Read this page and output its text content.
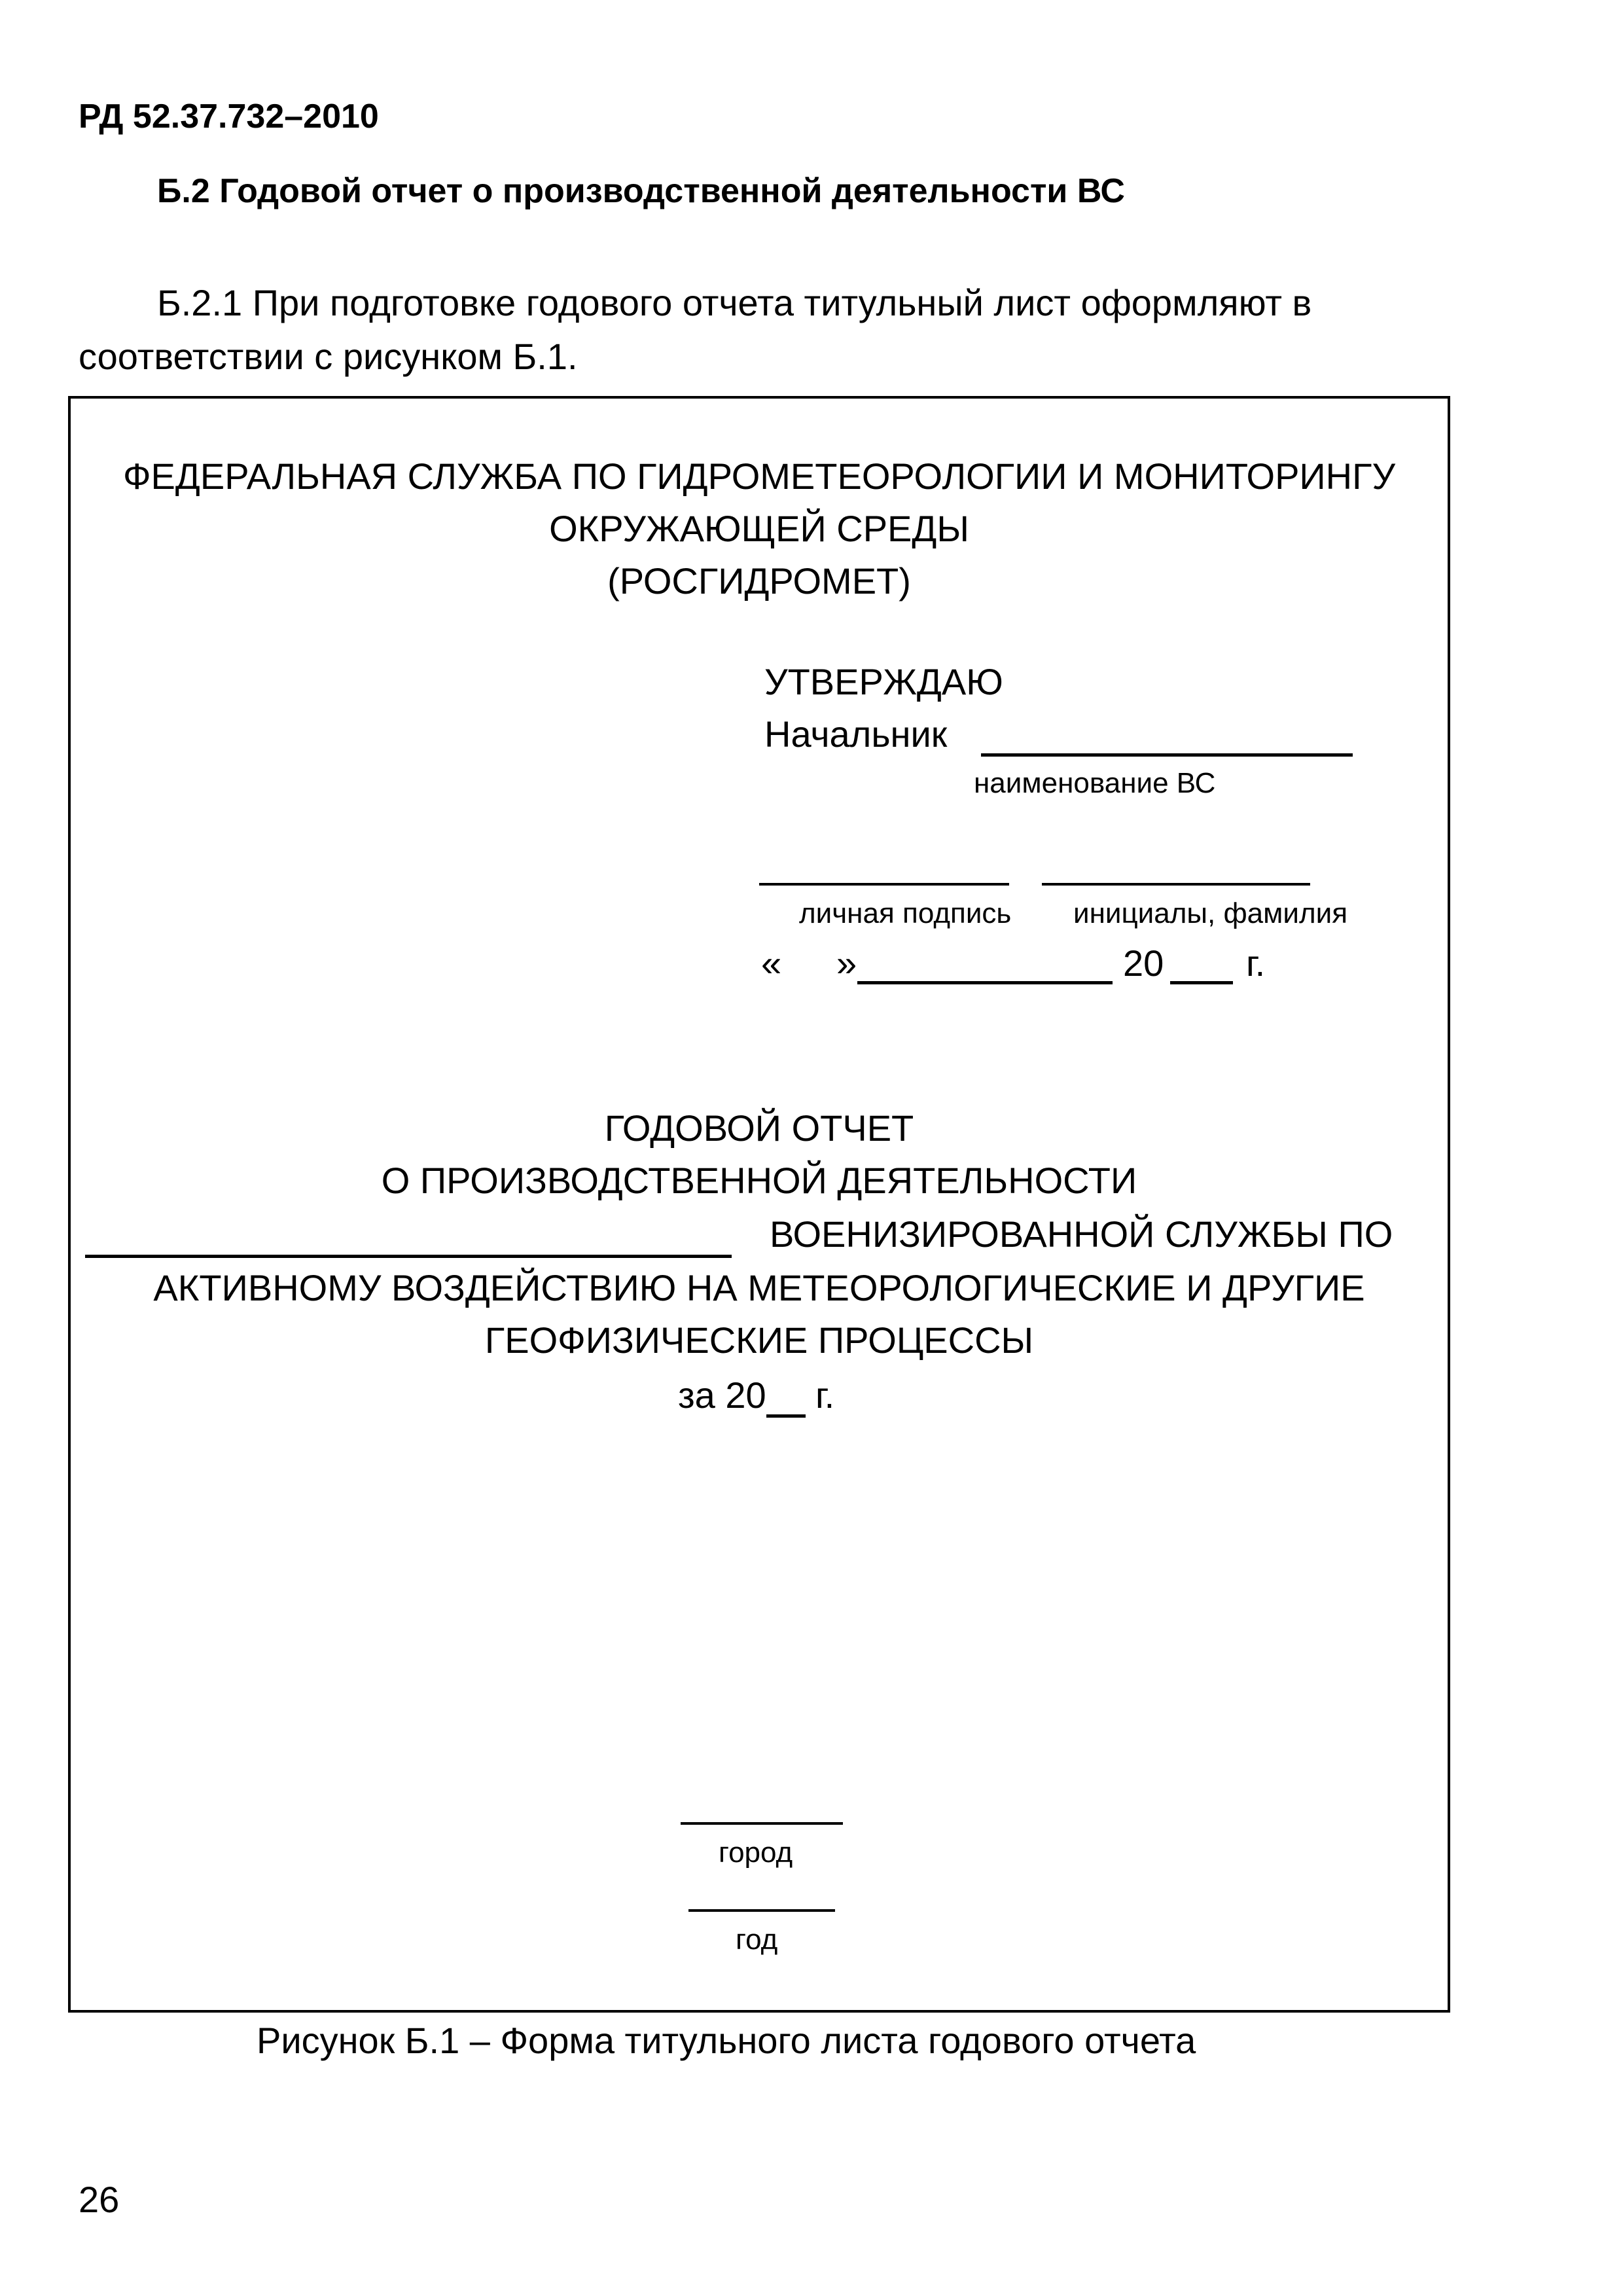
РД 52.37.732–2010
Б.2 Годовой отчет о производственной деятельности ВС
Б.2.1 При подготовке годового отчета титульный лист оформляют в
соответствии с рисунком Б.1.
ФЕДЕРАЛЬНАЯ СЛУЖБА ПО ГИДРОМЕТЕОРОЛОГИИ И МОНИТОРИНГУ
ОКРУЖАЮЩЕЙ СРЕДЫ
(РОСГИДРОМЕТ)
УТВЕРЖДАЮ
Начальник
наименование ВС
личная подпись инициалы, фамилия
« »	20 г.
ГОДОВОЙ ОТЧЕТ
О ПРОИЗВОДСТВЕННОЙ ДЕЯТЕЛЬНОСТИ
ВОЕНИЗИРОВАННОЙ СЛУЖБЫ ПО
АКТИВНОМУ ВОЗДЕЙСТВИЮ НА МЕТЕОРОЛОГИЧЕСКИЕ И ДРУГИЕ
ГЕОФИЗИЧЕСКИЕ ПРОЦЕССЫ
за 20 г.
город
год
Рисунок Б.1 – Форма титульного листа годового отчета
26
